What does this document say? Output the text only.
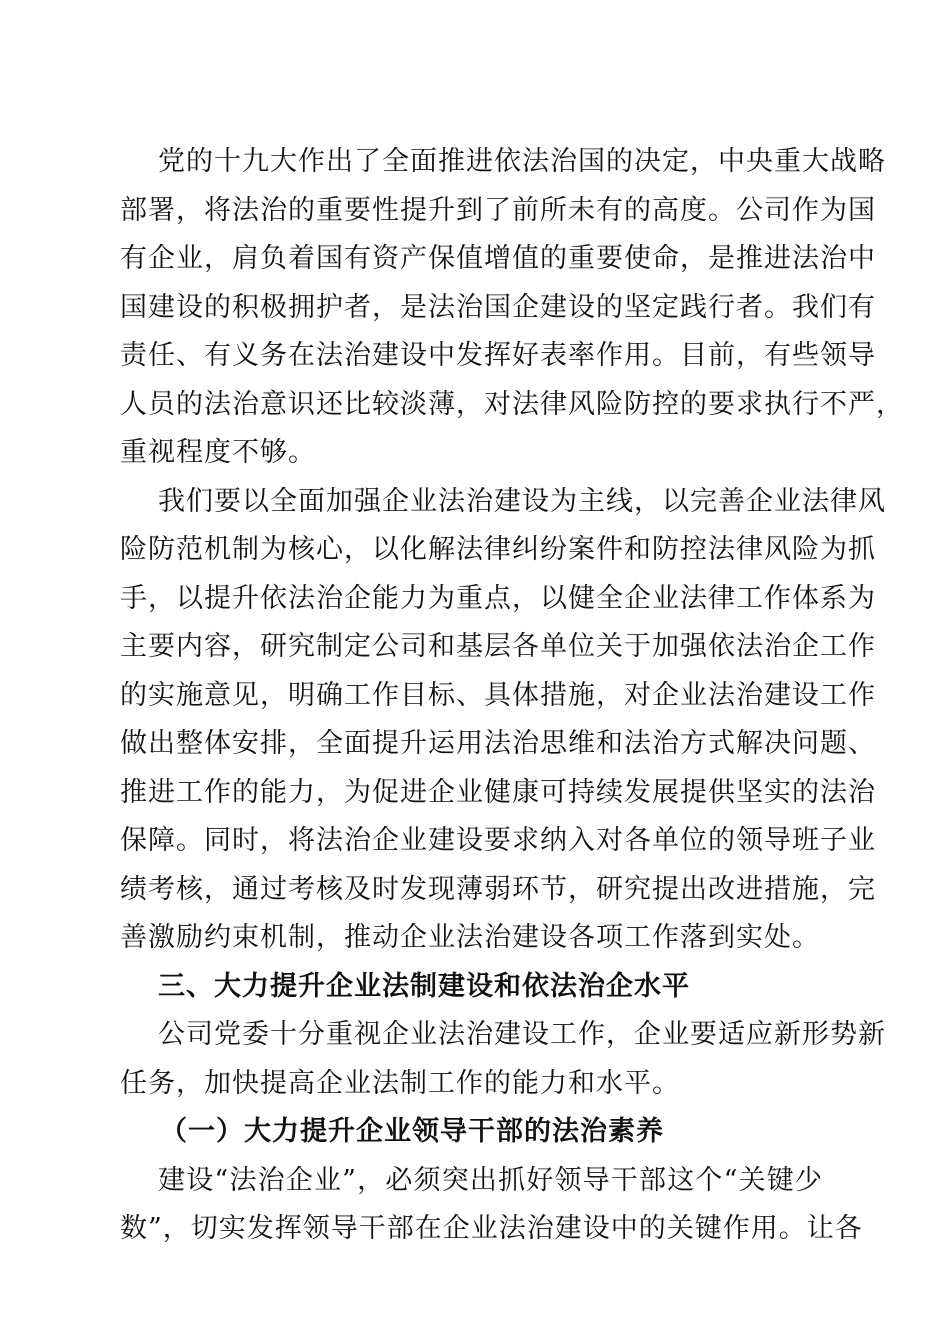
党的十九大作出了全面推进依法治国的决定，中央重大战略
部署，将法治的重要性提升到了前所未有的高度。公司作为国
有企业，肩负着国有资产保值增值的重要使命，是推进法治中
国建设的积极拥护者，是法治国企建设的坚定践行者。我们有
责任、有义务在法治建设中发挥好表率作用。目前，有些领导
人员的法治意识还比较淡薄，对法律风险防控的要求执行不严，
重视程度不够。
我们要以全面加强企业法治建设为主线，以完善企业法律风
险防范机制为核心，以化解法律纠纷案件和防控法律风险为抓
手，以提升依法治企能力为重点，以健全企业法律工作体系为
主要内容，研究制定公司和基层各单位关于加强依法治企工作
的实施意见，明确工作目标、具体措施，对企业法治建设工作
做出整体安排，全面提升运用法治思维和法治方式解决问题、
推进工作的能力，为促进企业健康可持续发展提供坚实的法治
保障。同时，将法治企业建设要求纳入对各单位的领导班子业
绩考核，通过考核及时发现薄弱环节，研究提出改进措施，完
善激励约束机制，推动企业法治建设各项工作落到实处。
三、大力提升企业法制建设和依法治企水平
公司党委十分重视企业法治建设工作，企业要适应新形势新
任务，加快提高企业法制工作的能力和水平。
（一）大力提升企业领导干部的法治素养
建设“法治企业”，必须突出抓好领导干部这个“关键少
数”，切实发挥领导干部在企业法治建设中的关键作用。让各
